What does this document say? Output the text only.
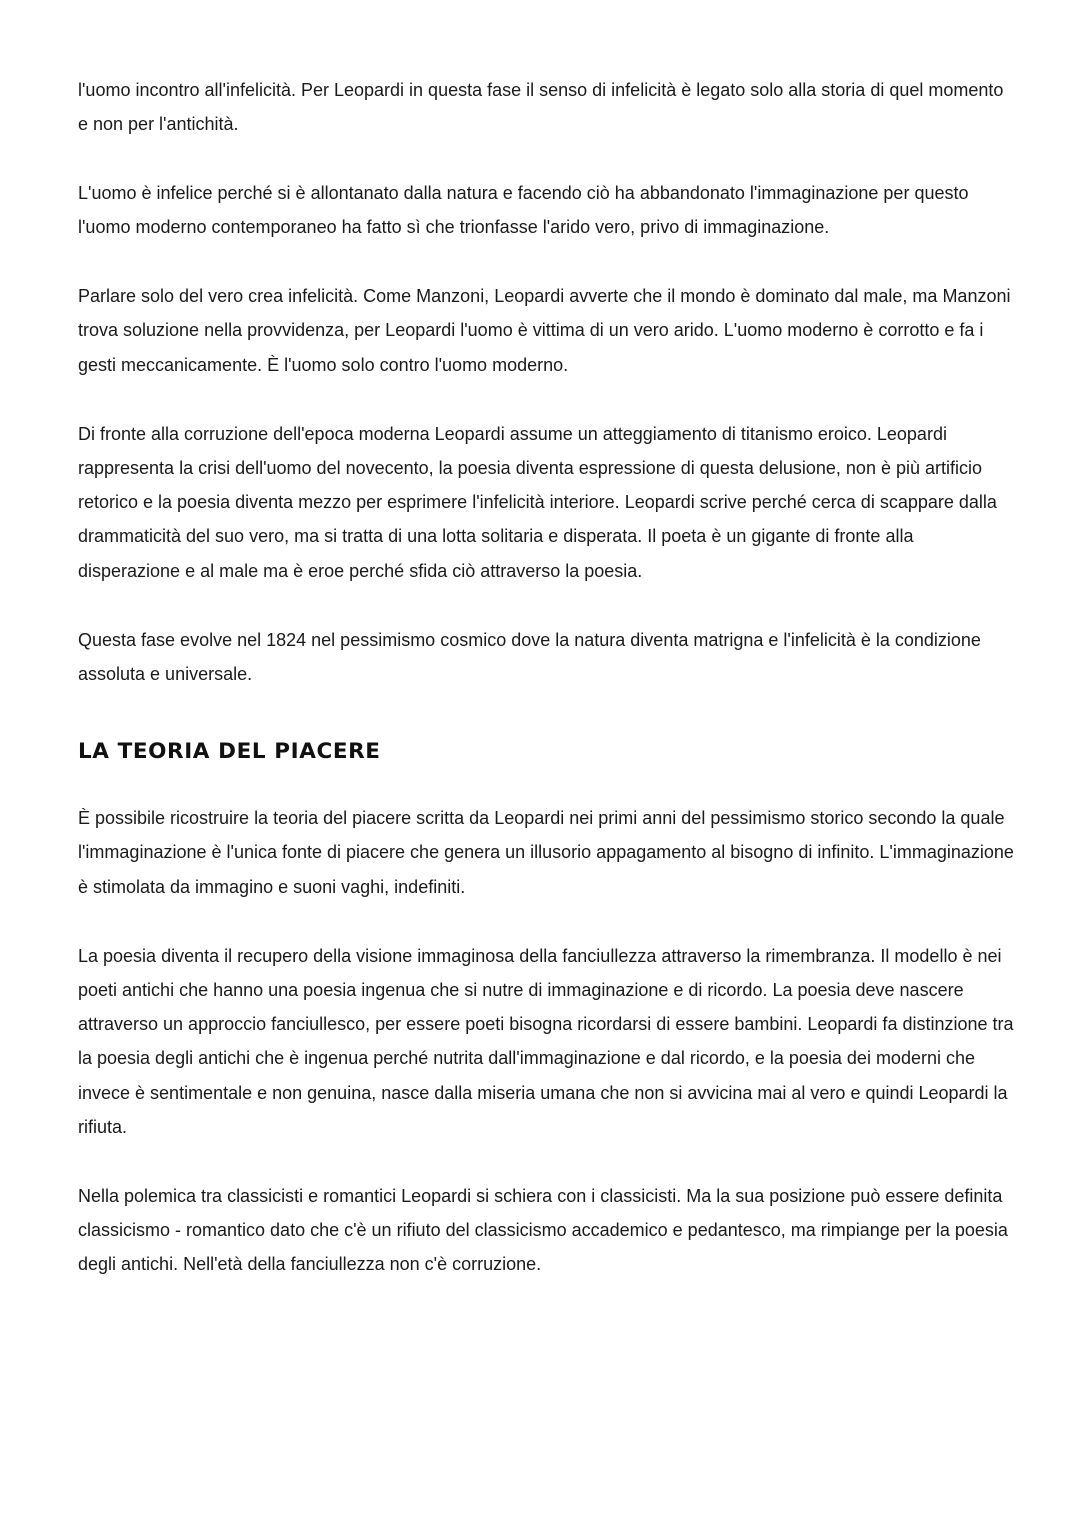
l'uomo incontro all'infelicità. Per Leopardi in questa fase il senso di infelicità è legato solo alla storia di quel momento e non per l'antichità.

L'uomo è infelice perché si è allontanato dalla natura e facendo ciò ha abbandonato l'immaginazione per questo l'uomo moderno contemporaneo ha fatto sì che trionfasse l'arido vero, privo di immaginazione.

Parlare solo del vero crea infelicità. Come Manzoni, Leopardi avverte che il mondo è dominato dal male, ma Manzoni trova soluzione nella provvidenza, per Leopardi l'uomo è vittima di un vero arido. L'uomo moderno è corrotto e fa i gesti meccanicamente. È l'uomo solo contro l'uomo moderno.

Di fronte alla corruzione dell'epoca moderna Leopardi assume un atteggiamento di titanismo eroico. Leopardi rappresenta la crisi dell'uomo del novecento, la poesia diventa espressione di questa delusione, non è più artificio retorico e la poesia diventa mezzo per esprimere l'infelicità interiore. Leopardi scrive perché cerca di scappare dalla drammaticità del suo vero, ma si tratta di una lotta solitaria e disperata. Il poeta è un gigante di fronte alla disperazione e al male ma è eroe perché sfida ciò attraverso la poesia.

Questa fase evolve nel 1824 nel pessimismo cosmico dove la natura diventa matrigna e l'infelicità è la condizione assoluta e universale.

LA TEORIA DEL PIACERE

È possibile ricostruire la teoria del piacere scritta da Leopardi nei primi anni del pessimismo storico secondo la quale l'immaginazione è l'unica fonte di piacere che genera un illusorio appagamento al bisogno di infinito. L'immaginazione è stimolata da immagino e suoni vaghi, indefiniti.

La poesia diventa il recupero della visione immaginosa della fanciullezza attraverso la rimembranza. Il modello è nei poeti antichi che hanno una poesia ingenua che si nutre di immaginazione e di ricordo. La poesia deve nascere attraverso un approccio fanciullesco, per essere poeti bisogna ricordarsi di essere bambini. Leopardi fa distinzione tra la poesia degli antichi che è ingenua perché nutrita dall'immaginazione e dal ricordo, e la poesia dei moderni che invece è sentimentale e non genuina, nasce dalla miseria umana che non si avvicina mai al vero e quindi Leopardi la rifiuta.

Nella polemica tra classicisti e romantici Leopardi si schiera con i classicisti. Ma la sua posizione può essere definita classicismo - romantico dato che c'è un rifiuto del classicismo accademico e pedantesco, ma rimpiange per la poesia degli antichi. Nell'età della fanciullezza non c'è corruzione.
